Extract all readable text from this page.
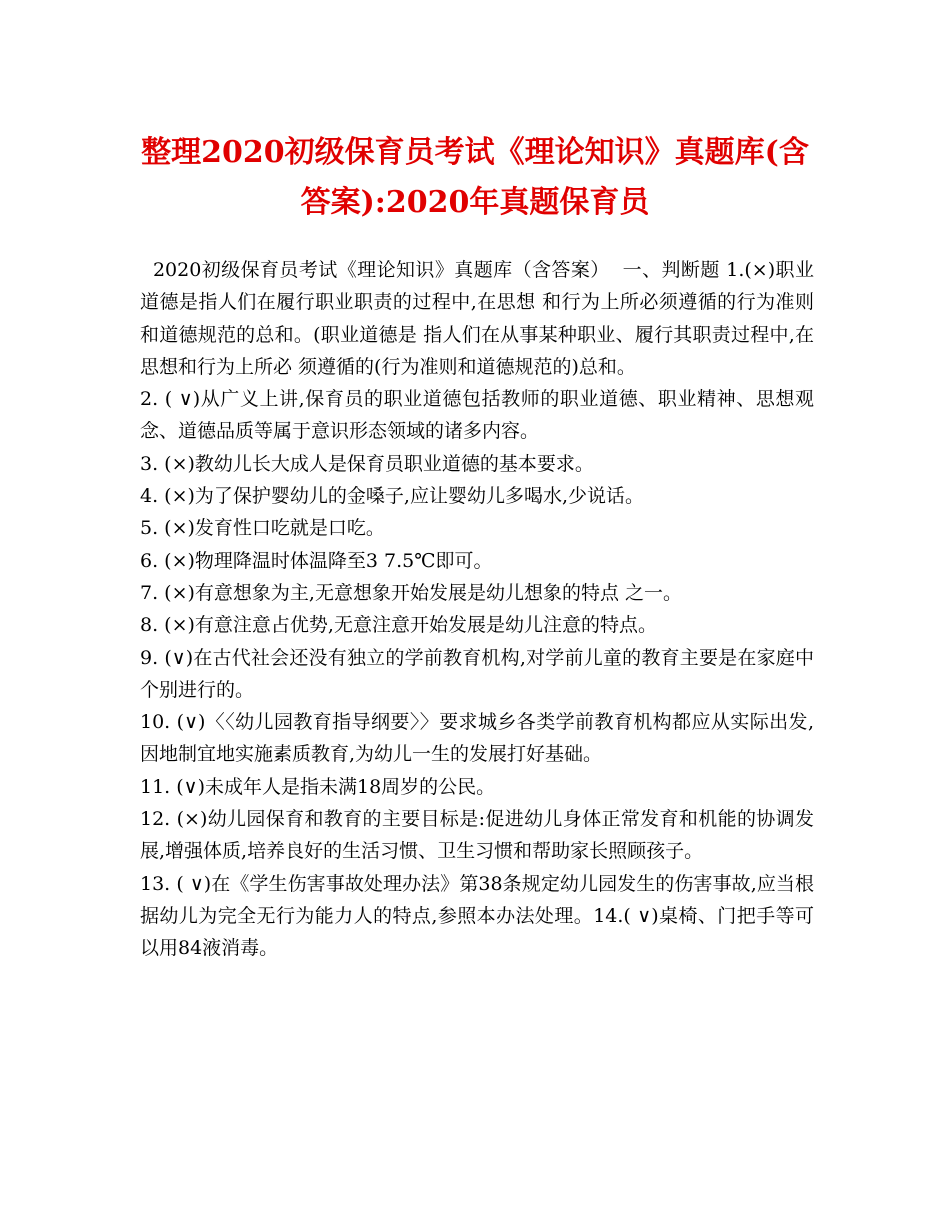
整理2020初级保育员考试《理论知识》真题库(含答案):2020年真题保育员

2020初级保育员考试《理论知识》真题库（含答案）  一、判断题 1.(×)职业道德是指人们在履行职业职责的过程中,在思想 和行为上所必须遵循的行为准则和道德规范的总和。(职业道德是 指人们在从事某种职业、履行其职责过程中,在思想和行为上所必 须遵循的(行为准则和道德规范的)总和。

2. ( ∨)从广义上讲,保育员的职业道德包括教师的职业道德、职业精神、思想观念、道德品质等属于意识形态领域的诸多内容。

3. (×)教幼儿长大成人是保育员职业道德的基本要求。

4. (×)为了保护婴幼儿的金嗓子,应让婴幼儿多喝水,少说话。

5. (×)发育性口吃就是口吃。

6. (×)物理降温时体温降至3 7.5℃即可。

7. (×)有意想象为主,无意想象开始发展是幼儿想象的特点 之一。

8. (×)有意注意占优势,无意注意开始发展是幼儿注意的特点。

9. (∨)在古代社会还没有独立的学前教育机构,对学前儿童的教育主要是在家庭中个别进行的。

10. (∨)〈〈幼儿园教育指导纲要〉〉要求城乡各类学前教育机构都应从实际出发,因地制宜地实施素质教育,为幼儿一生的发展打好基础。

11. (∨)未成年人是指未满18周岁的公民。

12. (×)幼儿园保育和教育的主要目标是:促进幼儿身体正常发育和机能的协调发展,增强体质,培养良好的生活习惯、卫生习惯和帮助家长照顾孩子。

13. ( ∨)在《学生伤害事故处理办法》第38条规定幼儿园发生的伤害事故,应当根据幼儿为完全无行为能力人的特点,参照本办法处理。14.( ∨)桌椅、门把手等可以用84液消毒。
